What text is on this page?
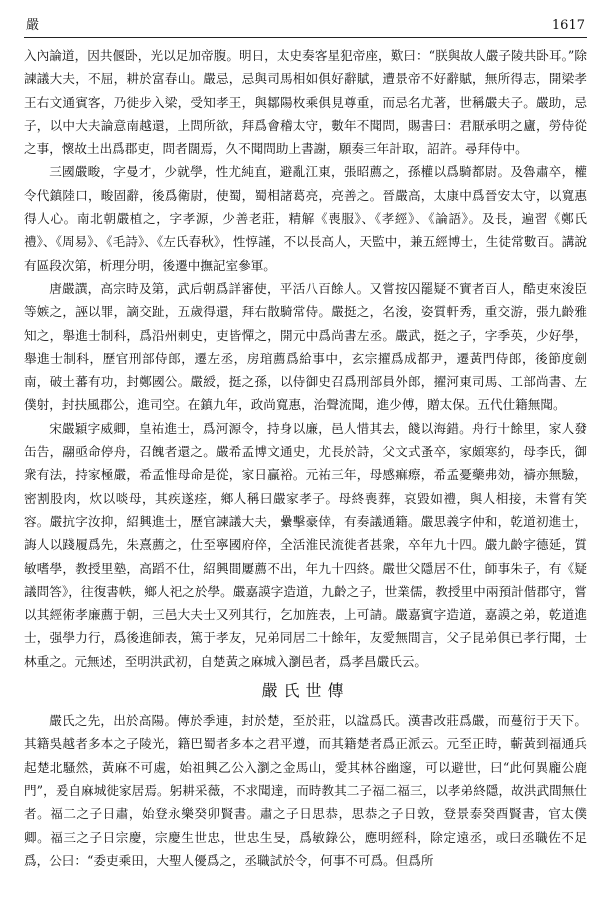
嚴	1617

入內論道，因共偃卧，光以足加帝腹。明日，太史奏客星犯帝座，歎曰：“朕與故人嚴子陵共卧耳。”除諫議大夫，不屈，耕於富春山。嚴忌，忌與司馬相如俱好辭賦，遭景帝不好辭賦，無所得志，開梁孝王右文通賓客，乃徙步入梁，受知孝王，與鄒陽枚乘俱見尊重，而忌名尤著，世稱嚴夫子。嚴助，忌子，以中大夫論意南越還，上問所欲，拜爲會稽太守，數年不聞問，賜書曰：君厭承明之廬，勞侍從之事，懷故土出爲郡吏，問者闊焉，久不聞問助上書謝，願奏三年計取，詔許。尋拜侍中。

三國嚴畯，字曼才，少就學，性尤純直，避亂江東，張昭薦之，孫權以爲騎都尉。及魯肅卒，權令代鎮陸口，畯固辭，後爲衛尉，使蜀，蜀相諸葛亮，亮善之。晉嚴高，太康中爲晉安太守，以寬惠得人心。南北朝嚴植之，字孝源，少善老莊，精解《喪服》、《孝經》、《論語》。及長，遍習《鄭氏禮》、《周易》、《毛詩》、《左氏春秋》，性惇謹，不以長高人，天監中，兼五經博士，生徒常數百。講說有區段次第，析理分明，後遷中撫記室參軍。

唐嚴譔，高宗時及第，武后朝爲詳審使，平活八百餘人。又嘗按囚罷疑不實者百人，酷吏來浚臣等嫉之，誣以罪，謫交趾，五歲得還，拜右散騎常侍。嚴挺之，名浚，姿質軒秀，重交游，張九齡雅知之，舉進士制科，爲沿州刺史，吏皆憚之，開元中爲尚書左丞。嚴武，挺之子，字季英，少好學，舉進士制科，歷官刑部侍郎，遷左丞，房琯薦爲給事中，玄宗擢爲成都尹，遷黃門侍郎，後節度劍南，破土蕃有功，封鄭國公。嚴綬，挺之孫，以侍御史召爲刑部員外郎，擢河東司馬、工部尚書、左僕射，封扶風郡公，進司空。在鎮九年，政尚寬惠，治聲流聞，進少傅，贈太保。五代仕籍無聞。

宋嚴穎字威卿，皇祐進士，爲河源令，持身以廉，邑人惜其去，餞以海錯。舟行十餘里，家人發缶告，翮亟命停舟，召餽者還之。嚴希孟博文通史，尤長於詩，父文式蚤卒，家頗寒約，母李氏，御衆有法，持家極嚴，希孟惟母命是從，家日贏裕。元祐三年，母感痲瘵，希孟憂藥弗効，禱亦無驗，密割股肉，炊以啖母，其疾遂痊，鄉人稱曰嚴家孝子。母終喪葬，哀毀如禮，與人相接，未嘗有笑容。嚴抗字汝抑，紹興進士，歷官諫議大夫，纍擊豪倖，有奏議通籍。嚴思義字仲和，乾道初進士，誨人以踐履爲先，朱熹薦之，仕至寧國府倅，全活淮民流徙者甚衆，卒年九十四。嚴九齡字德延，質敏嗜學，教授里塾，高蹈不仕，紹興間屢薦不出，年九十四終。嚴世父隱居不仕，師事朱子，有《疑議問答》，往復書帙，鄉人祀之於學。嚴嘉謨字造道，九齡之子，世業儒，教授里中兩預計偕郡守，嘗以其經術孝廉薦于朝，三邑大夫士又列其行，乞加旌表，上可請。嚴嘉賓字造道，嘉謨之弟，乾道進士，强學力行，爲後進師表，篤于孝友，兄弟同居二十餘年，友愛無間言，父子昆弟俱已孝行聞，士林重之。元無述，至明洪武初，自楚黃之麻城入瀏邑者，爲孝昌嚴氏云。

嚴氏世傳

嚴氏之先，出於高陽。傳於季連，封於楚，至於莊，以諡爲氏。漢書改莊爲嚴，而蔓衍于天下。其籍吳越者多本之子陵光，籍巴蜀者多本之君平遵，而其籍楚者爲正派云。元至正時，蘄黃到福通兵起楚北騷然，黃麻不可處，始祖興乙公入瀏之金馬山，愛其林谷幽邃，可以避世，曰“此何異龐公鹿門”，爰自麻城徙家居焉。躬耕采薇，不求聞達，而時教其二子福二福三，以孝弟終隱，故洪武間無仕者。福二之子日肅，始登永樂癸卯賢書。肅之子日思恭，思恭之子日敦，登景泰癸酉賢書，官太僕卿。福三之子日宗慶，宗慶生世忠，世忠生旻，爲敏錄公，應明經科，除定遠丞，或曰丞職佐不足爲，公曰：“委吏乘田，大聖人優爲之，丞職試於令，何事不可爲。但爲所
